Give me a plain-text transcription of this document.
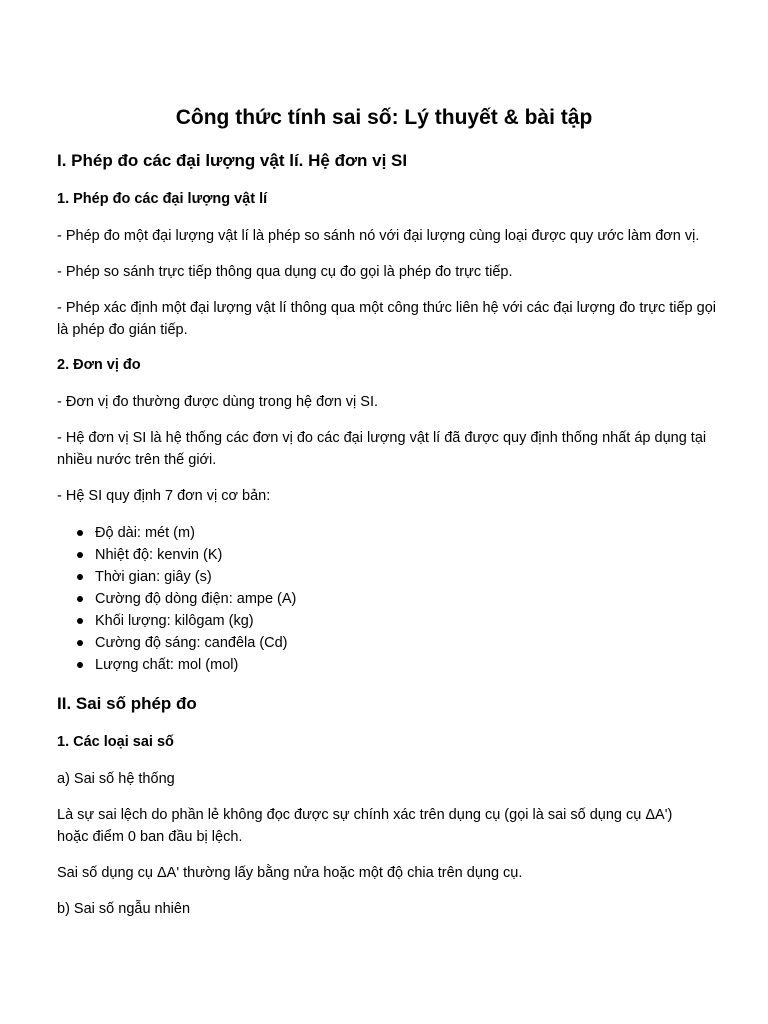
Công thức tính sai số: Lý thuyết & bài tập
I. Phép đo các đại lượng vật lí. Hệ đơn vị SI
1. Phép đo các đại lượng vật lí

- Phép đo một đại lượng vật lí là phép so sánh nó với đại lượng cùng loại được quy ước làm đơn vị.

- Phép so sánh trực tiếp thông qua dụng cụ đo gọi là phép đo trực tiếp.

- Phép xác định một đại lượng vật lí thông qua một công thức liên hệ với các đại lượng đo trực tiếp gọi là phép đo gián tiếp.

2. Đơn vị đo

- Đơn vị đo thường được dùng trong hệ đơn vị SI.

- Hệ đơn vị SI là hệ thống các đơn vị đo các đại lượng vật lí đã được quy định thống nhất áp dụng tại nhiều nước trên thế giới.

- Hệ SI quy định 7 đơn vị cơ bản:

Độ dài: mét (m)
Nhiệt độ: kenvin (K)
Thời gian: giây (s)
Cường độ dòng điện: ampe (A)
Khối lượng: kilôgam (kg)
Cường độ sáng: canđêla (Cd)
Lượng chất: mol (mol)
II. Sai số phép đo
1. Các loại sai số

a) Sai số hệ thống

Là sự sai lệch do phần lẻ không đọc được sự chính xác trên dụng cụ (gọi là sai số dụng cụ ΔA') hoặc điểm 0 ban đầu bị lệch.

Sai số dụng cụ ΔA' thường lấy bằng nửa hoặc một độ chia trên dụng cụ.

b) Sai số ngẫu nhiên
